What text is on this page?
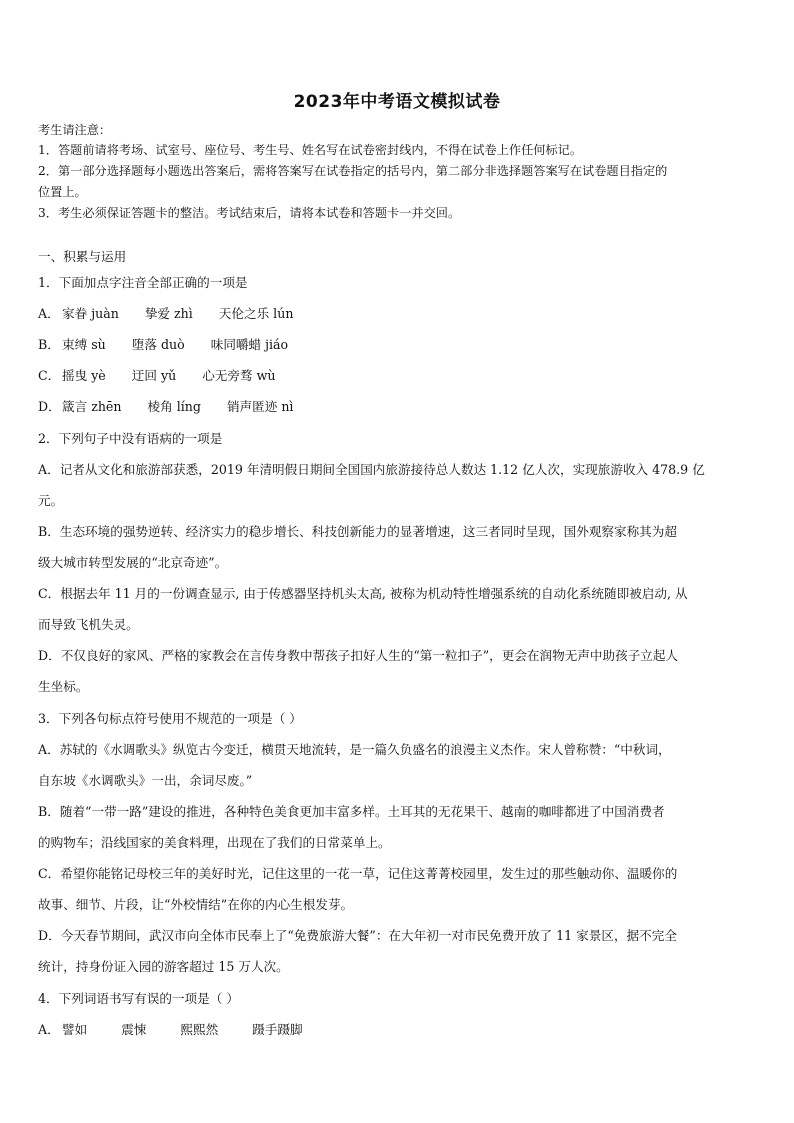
2023年中考语文模拟试卷
考生请注意：
1．答题前请将考场、试室号、座位号、考生号、姓名写在试卷密封线内，不得在试卷上作任何标记。
2．第一部分选择题每小题选出答案后，需将答案写在试卷指定的括号内，第二部分非选择题答案写在试卷题目指定的
位置上。
3．考生必须保证答题卡的整洁。考试结束后，请将本试卷和答题卡一并交回。
一、积累与运用
1．下面加点字注音全部正确的一项是
A． 家眷 juàn 挚爱 zhì 天伦之乐 lún
B． 束缚 sù 堕落 duò 味同嚼蜡 jiáo
C． 摇曳 yè 迂回 yǔ 心无旁骛 wù
D．箴言 zhēn 棱角 líng 销声匿迹 nì
2．下列句子中没有语病的一项是
A．记者从文化和旅游部获悉，2019 年清明假日期间全国国内旅游接待总人数达 1.12 亿人次，实现旅游收入 478.9 亿
元。
B．生态环境的强势逆转、经济实力的稳步增长、科技创新能力的显著增速，这三者同时呈现，国外观察家称其为超
级大城市转型发展的“北京奇迹”。
C．根据去年 11 月的一份调查显示, 由于传感器坚持机头太高, 被称为机动特性增强系统的自动化系统随即被启动, 从
而导致飞机失灵。
D．不仅良好的家风、严格的家教会在言传身教中帮孩子扣好人生的“第一粒扣子”，更会在润物无声中助孩子立起人
生坐标。
3．下列各句标点符号使用不规范的一项是（ ）
A．苏轼的《水调歌头》纵览古今变迁，横贯天地流转，是一篇久负盛名的浪漫主义杰作。宋人曾称赞：“中秋词，
自东坡《水调歌头》一出，余词尽废。”
B．随着“一带一路”建设的推进，各种特色美食更加丰富多样。土耳其的无花果干、越南的咖啡都进了中国消费者
的购物车；沿线国家的美食料理，出现在了我们的日常菜单上。
C．希望你能铭记母校三年的美好时光，记住这里的一花一草，记住这菁菁校园里，发生过的那些触动你、温暖你的
故事、细节、片段，让“外校情结”在你的内心生根发芽。
D．今天春节期间，武汉市向全体市民奉上了“免费旅游大餐”：在大年初一对市民免费开放了 11 家景区，据不完全
统计，持身份证入园的游客超过 15 万人次。
4．下列词语书写有误的一项是（ ）
A． 譬如	震悚	熙熙然	蹑手蹑脚
